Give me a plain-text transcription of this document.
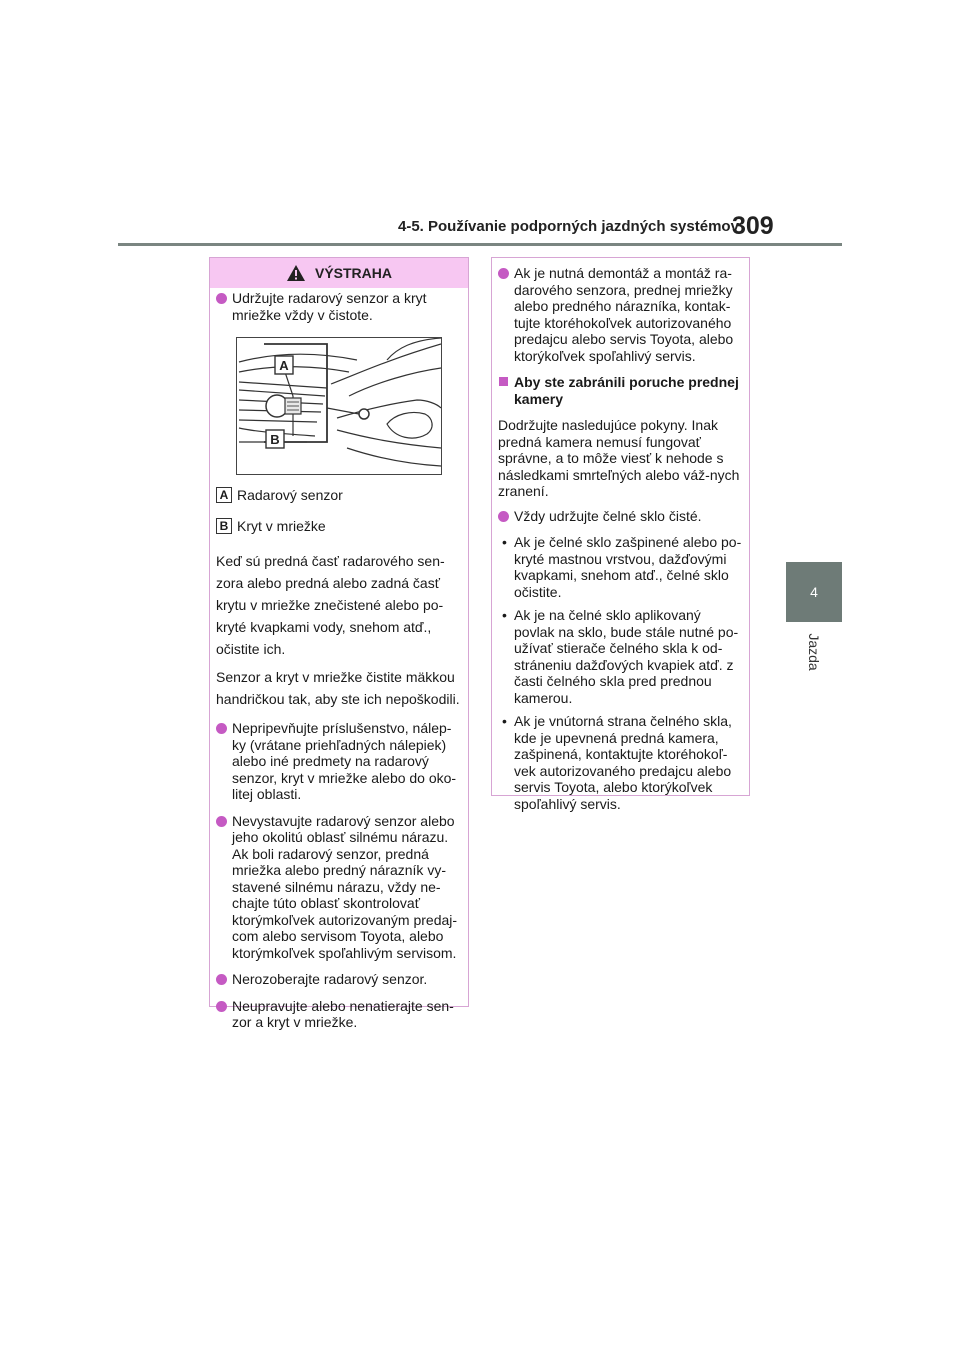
4-5. Používanie podporných jazdných systémov
309
4
Jazda
VÝSTRAHA

Udržujte radarový senzor a kryt mriežke vždy v čistote.

A
B
A Radarový senzor
B Kryt v mriežke

Keď sú predná časť radarového sen-zora alebo predná alebo zadná časť krytu v mriežke znečistené alebo po-kryté kvapkami vody, snehom atď., očistite ich.

Senzor a kryt v mriežke čistite mäkkou handričkou tak, aby ste ich nepoškodili.

Nepripevňujte príslušenstvo, nálep-ky (vrátane priehľadných nálepiek) alebo iné predmety na radarový senzor, kryt v mriežke alebo do oko-litej oblasti.

Nevystavujte radarový senzor alebo jeho okolitú oblasť silnému nárazu. Ak boli radarový senzor, predná mriežka alebo predný nárazník vy-stavené silnému nárazu, vždy ne-chajte túto oblasť skontrolovať ktorýmkoľvek autorizovaným predaj-com alebo servisom Toyota, alebo ktorýmkoľvek spoľahlivým servisom.

Nerozoberajte radarový senzor.

Neupravujte alebo nenatierajte sen-zor a kryt v mriežke.

Ak je nutná demontáž a montáž ra-darového senzora, prednej mriežky alebo predného nárazníka, kontak-tujte ktoréhokoľvek autorizovaného predajcu alebo servis Toyota, alebo ktorýkoľvek spoľahlivý servis.

Aby ste zabránili poruche prednej kamery

Dodržujte nasledujúce pokyny. Inak predná kamera nemusí fungovať správne, a to môže viesť k nehode s následkami smrteľných alebo váž-nych zranení.

Vždy udržujte čelné sklo čisté.

• Ak je čelné sklo zašpinené alebo po-kryté mastnou vrstvou, dažďovými kvapkami, snehom atď., čelné sklo očistite.

• Ak je na čelné sklo aplikovaný povlak na sklo, bude stále nutné po-užívať stierače čelného skla k od-stráneniu dažďových kvapiek atď. z časti čelného skla pred prednou kamerou.

• Ak je vnútorná strana čelného skla, kde je upevnená predná kamera, zašpinená, kontaktujte ktoréhokoľ-vek autorizovaného predajcu alebo servis Toyota, alebo ktorýkoľvek spoľahlivý servis.
